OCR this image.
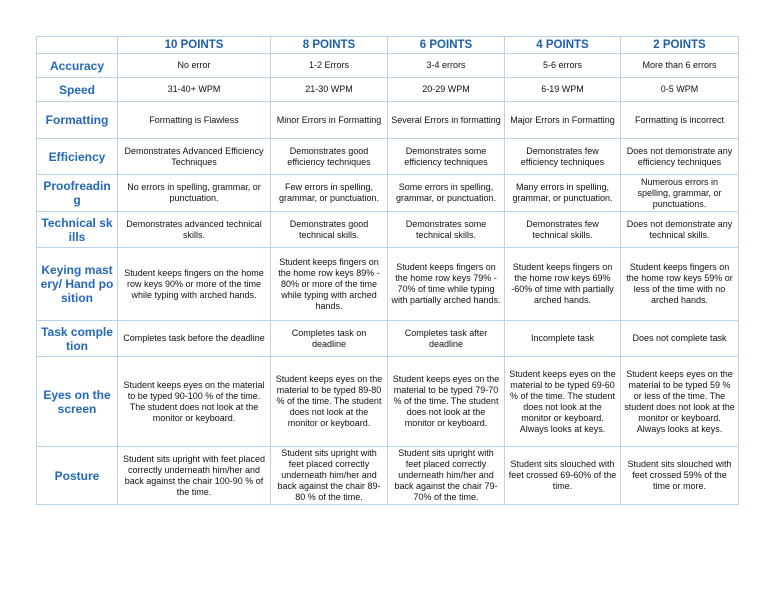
	10 POINTS	8 POINTS	6 POINTS	4 POINTS	2 POINTS
Accuracy	No error	1-2 Errors	3-4 errors	5-6 errors	More than 6 errors
Speed	31-40+ WPM	21-30 WPM	20-29 WPM	6-19 WPM	0-5 WPM
Formatting	Formatting is Flawless	Minor Errors in Formatting	Several Errors in formatting	Major Errors in Formatting	Formatting is incorrect
Efficiency	Demonstrates Advanced Efficiency Techniques	Demonstrates good efficiency techniques	Demonstrates some efficiency techniques	Demonstrates few efficiency techniques	Does not demonstrate any efficiency techniques
Proofreading	No errors in spelling, grammar, or punctuation.	Few errors in spelling, grammar, or punctuation.	Some errors in spelling, grammar, or punctuation.	Many errors in spelling, grammar, or punctuation.	Numerous errors in spelling, grammar, or punctuations.
Technical skills	Demonstrates advanced technical skills.	Demonstrates good technical skills.	Demonstrates some technical skills.	Demonstrates few technical skills.	Does not demonstrate any technical skills.
Keying mastery/ Hand position	Student keeps fingers on the home row keys 90% or more of the time while typing with arched hands.	Student keeps fingers on the home row keys 89% - 80% or more of the time while typing with arched hands.	Student keeps fingers on the home row keys 79% - 70% of time while typing with partially arched hands.	Student keeps fingers on the home row keys 69% -60% of time with partially arched hands.	Student keeps fingers on the home row keys 59% or less of the time with no arched hands.
Task completion	Completes task before the deadline	Completes task on deadline	Completes task after deadline	Incomplete task	Does not complete task
Eyes on the screen	Student keeps eyes on the material to be typed 90-100 % of the time. The student does not look at the monitor or keyboard.	Student keeps eyes on the material to be typed 89-80 % of the time. The student does not look at the monitor or keyboard.	Student keeps eyes on the material to be typed 79-70 % of the time. The student does not look at the monitor or keyboard.	Student keeps eyes on the material to be typed 69-60 % of the time. The student does not look at the monitor or keyboard. Always looks at keys.	Student keeps eyes on the material to be typed 59 % or less of the time. The student does not look at the monitor or keyboard. Always looks at keys.
Posture	Student sits upright with feet placed correctly underneath him/her and back against the chair 100-90 % of the time.	Student sits upright with feet placed correctly underneath him/her and back against the chair 89-80 % of the time.	Student sits upright with feet placed correctly underneath him/her and back against the chair 79-70% of the time.	Student sits slouched with feet crossed 69-60% of the time.	Student sits slouched with feet crossed 59% of the time or more.
